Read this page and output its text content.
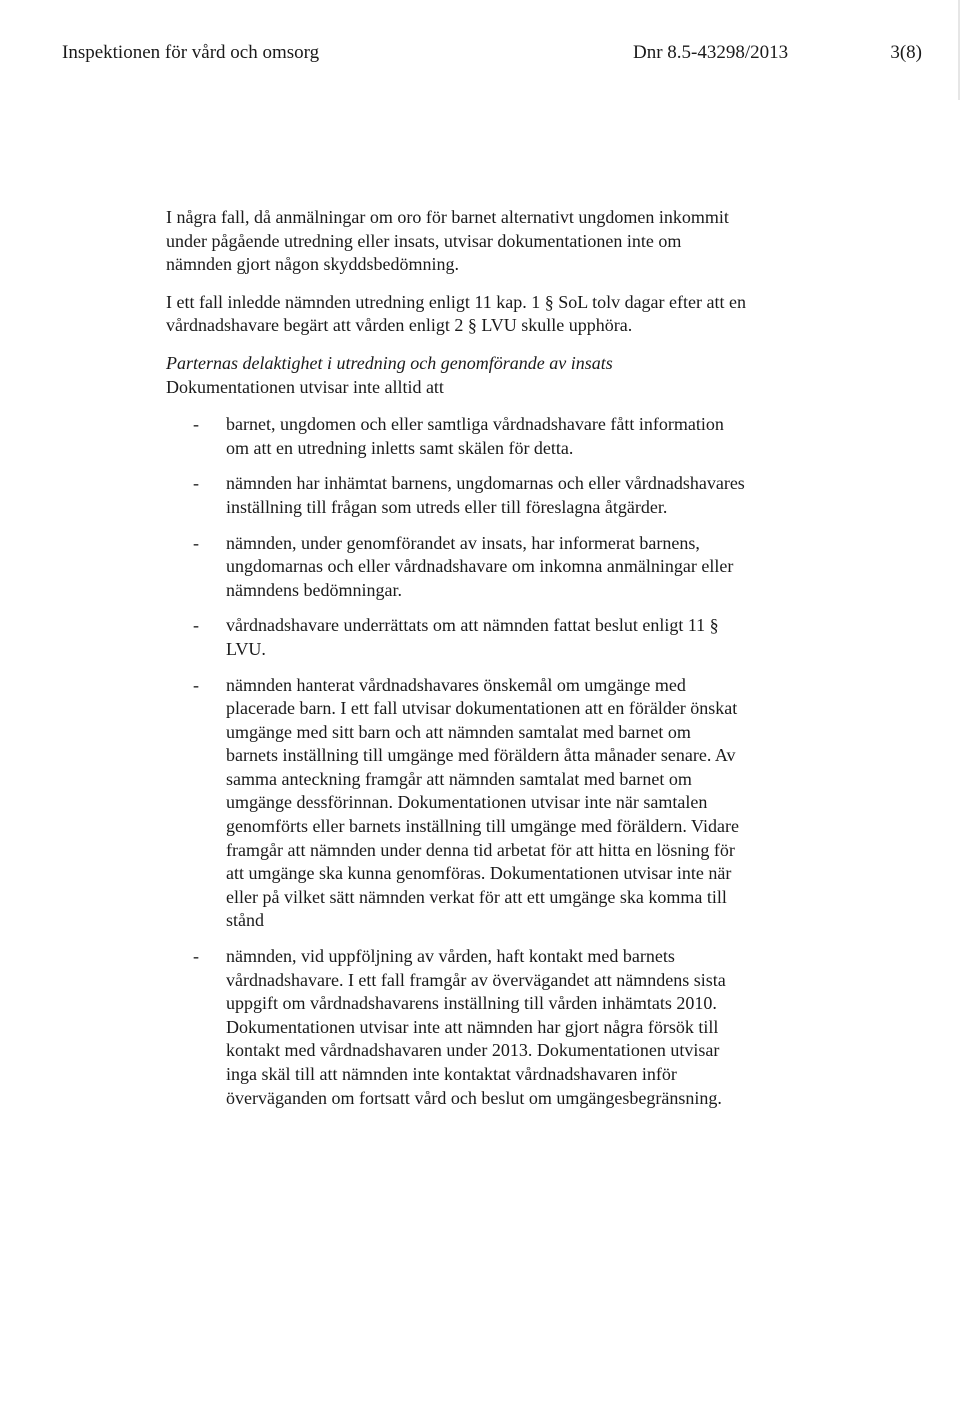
Inspektionen för vård och omsorg	Dnr 8.5-43298/2013	3(8)

I några fall, då anmälningar om oro för barnet alternativt ungdomen inkommit under pågående utredning eller insats, utvisar dokumentationen inte om nämnden gjort någon skyddsbedömning.

I ett fall inledde nämnden utredning enligt 11 kap. 1 § SoL tolv dagar efter att en vårdnadshavare begärt att vården enligt 2 § LVU skulle upphöra.

Parternas delaktighet i utredning och genomförande av insats

Dokumentationen utvisar inte alltid att

- barnet, ungdomen och eller samtliga vårdnadshavare fått information om att en utredning inletts samt skälen för detta.
- nämnden har inhämtat barnens, ungdomarnas och eller vårdnadshavares inställning till frågan som utreds eller till föreslagna åtgärder.
- nämnden, under genomförandet av insats, har informerat barnens, ungdomarnas och eller vårdnadshavare om inkomna anmälningar eller nämndens bedömningar.
- vårdnadshavare underrättats om att nämnden fattat beslut enligt 11 § LVU.
- nämnden hanterat vårdnadshavares önskemål om umgänge med placerade barn. I ett fall utvisar dokumentationen att en förälder önskat umgänge med sitt barn och att nämnden samtalat med barnet om barnets inställning till umgänge med föräldern åtta månader senare. Av samma anteckning framgår att nämnden samtalat med barnet om umgänge dessförinnan. Dokumentationen utvisar inte när samtalen genomförts eller barnets inställning till umgänge med föräldern. Vidare framgår att nämnden under denna tid arbetat för att hitta en lösning för att umgänge ska kunna genomföras. Dokumentationen utvisar inte när eller på vilket sätt nämnden verkat för att ett umgänge ska komma till stånd
- nämnden, vid uppföljning av vården, haft kontakt med barnets vårdnadshavare. I ett fall framgår av övervägandet att nämndens sista uppgift om vårdnadshavarens inställning till vården inhämtats 2010. Dokumentationen utvisar inte att nämnden har gjort några försök till kontakt med vårdnadshavaren under 2013. Dokumentationen utvisar inga skäl till att nämnden inte kontaktat vårdnadshavaren inför överväganden om fortsatt vård och beslut om umgängesbegränsning.
